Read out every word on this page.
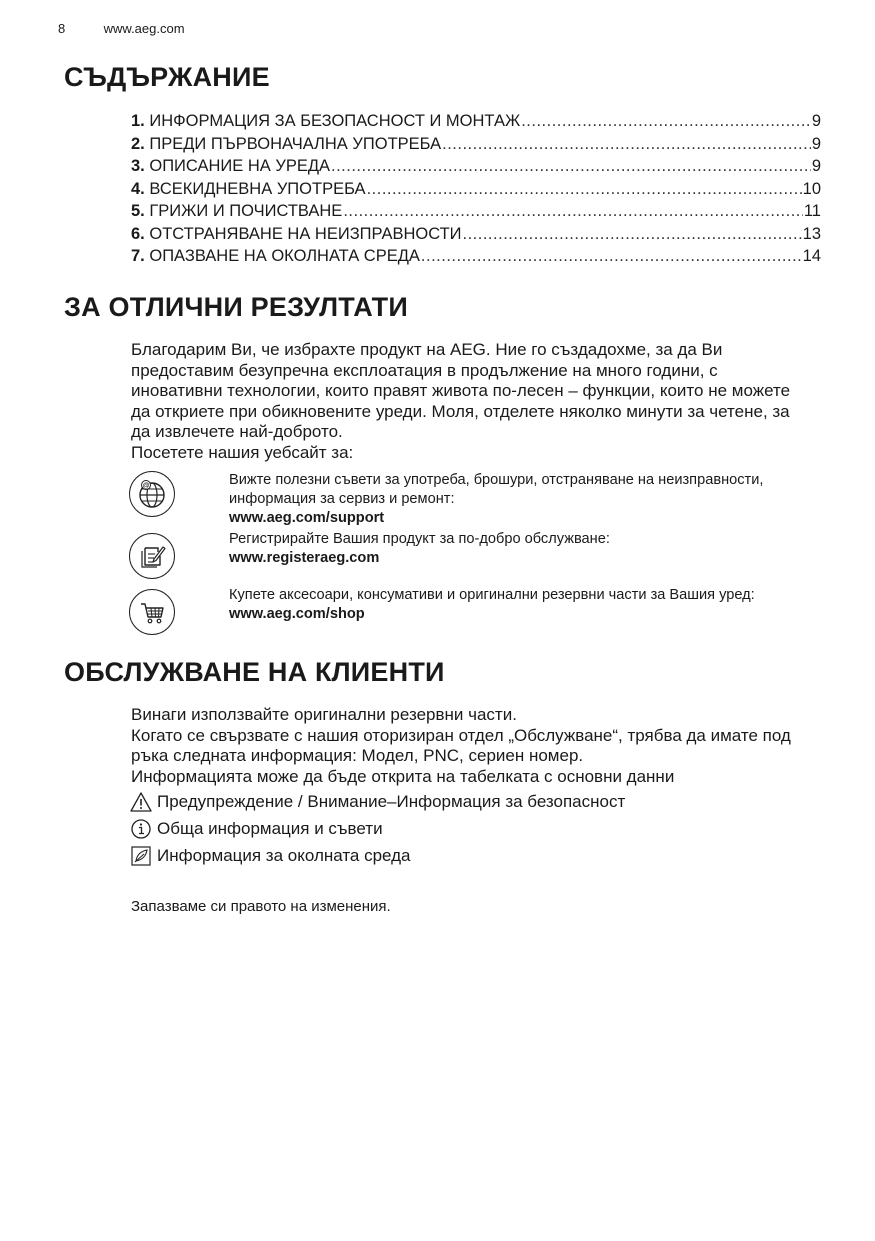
8	www.aeg.com
СЪДЪРЖАНИЕ
1. ИНФОРМАЦИЯ ЗА БЕЗОПАСНОСТ И МОНТАЖ .....	9
2. ПРЕДИ ПЪРВОНАЧАЛНА УПОТРЕБА .....	9
3. ОПИСАНИЕ НА УРЕДА .....	9
4. ВСЕКИДНЕВНА УПОТРЕБА .....	10
5. ГРИЖИ И ПОЧИСТВАНЕ .....	11
6. ОТСТРАНЯВАНЕ НА НЕИЗПРАВНОСТИ .....	13
7. ОПАЗВАНЕ НА ОКОЛНАТА СРЕДА .....	14
ЗА ОТЛИЧНИ РЕЗУЛТАТИ
Благодарим Ви, че избрахте продукт на AEG. Ние го създадохме, за да Ви предоставим безупречна експлоатация в продължение на много години, с иновативни технологии, които правят живота по-лесен – функции, които не можете да откриете при обикновените уреди. Моля, отделете няколко минути за четене, за да извлечете най-доброто.
Посетете нашия уебсайт за:
@	Вижте полезни съвети за употреба, брошури, отстраняване на неизправности, информация за сервиз и ремонт:
www.aeg.com/support
Регистрирайте Вашия продукт за по-добро обслужване:
www.registeraeg.com
Купете аксесоари, консумативи и оригинални резервни части за Вашия уред:
www.aeg.com/shop
ОБСЛУЖВАНЕ НА КЛИЕНТИ
Винаги използвайте оригинални резервни части.
Когато се свързвате с нашия оторизиран отдел „Обслужване“, трябва да имате под ръка следната информация: Модел, PNC, сериен номер.
Информацията може да бъде открита на табелката с основни данни
Предупреждение / Внимание–Информация за безопасност
Обща информация и съвети
Информация за околната среда
Запазваме си правото на изменения.
